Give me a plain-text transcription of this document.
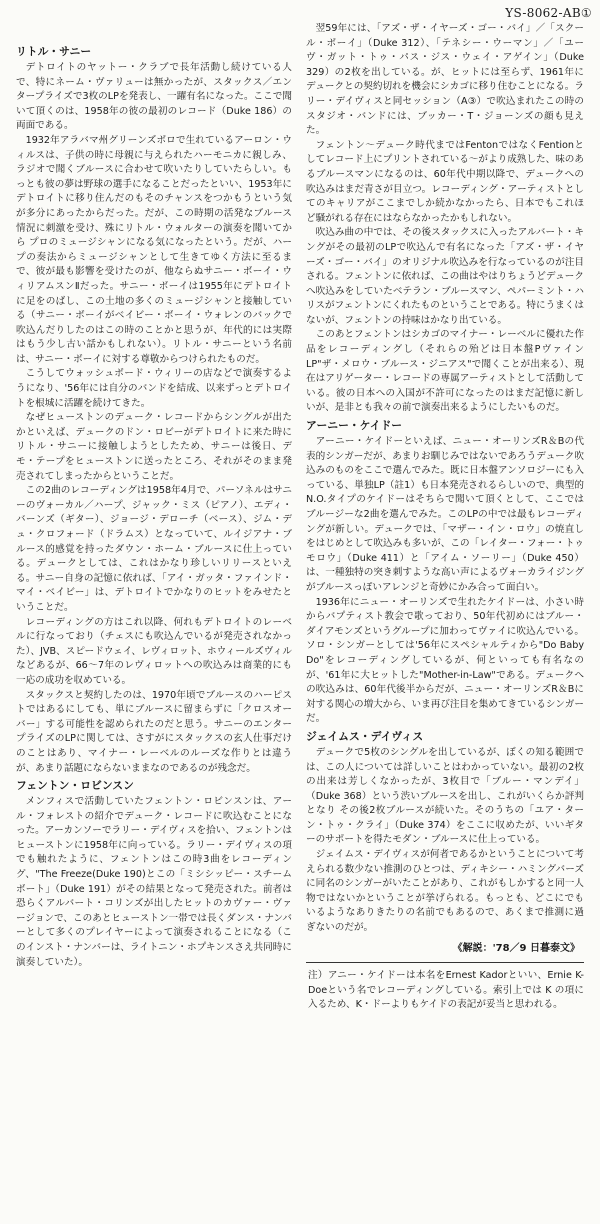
YS-8062-AB①
リトル・サニー

デトロイトのヤットー・クラブで長年活動し続けている人で、特にネーム・ヴァリューは無かったが、スタックス／エンタープライズで3枚のLPを発表し、一躍有名になった。ここで聞いて頂くのは、1958年の彼の最初のレコード（Duke 186）の両面である。

1932年アラバマ州グリーンズボロで生れているアーロン・ウィルスは、子供の時に母親に与えられたハーモニカに親しみ、ラジオで聞くブルースに合わせて吹いたりしていたらしい。もっとも彼の夢は野球の選手になることだったといい、1953年にデトロイトに移り住んだのもそのチャンスをつかもうという気が多分にあったからだった。だが、この時期の活発なブルース情況に刺激を受け、殊にリトル・ウォルターの演奏を聞いてから プロのミュージシャンになる気になったという。だが、ハープの奏法からミュージシャンとして生きてゆく方法に至るまで、彼が最も影響を受けたのが、他ならぬサニー・ボーイ・ウィリアムスンⅡだった。サニー・ボーイは1955年にデトロイトに足をのばし、この土地の多くのミュージシャンと接触している（サニー・ボーイがベイビー・ボーイ・ウォレンのバックで吹込んだりしたのはこの時のことかと思うが、年代的には実際はもう少し古い話かもしれない）。リトル・サニーという名前は、サニー・ボーイに対する尊敬からつけられたものだ。

こうしてウォッシュボード・ウィリーの店などで演奏するようになり、'56年には自分のバンドを結成、以来ずっとデトロイトを根城に活躍を続けてきた。

なぜヒューストンのデューク・レコードからシングルが出たかといえば、デュークのドン・ロビーがデトロイトに来た時にリトル・サニーに接触しようとしたため、サニーは後日、デモ・テープをヒューストンに送ったところ、それがそのまま発売されてしまったからということだ。

この2曲のレコーディングは1958年4月で、パーソネルはサニーのヴォーカル／ハープ、ジャック・ミス（ピアノ）、エディ・バーンズ（ギター）、ジョージ・デローチ（ベース）、ジム・デュ・クロフォード（ドラムス）となっていて、ルイジアナ・ブルース的感覚を持ったダウン・ホーム・ブルースに仕上っている。デュークとしては、これはかなり珍しいリリースといえる。サニー自身の記憶に依れば、「アイ・ガッタ・ファインド・マイ・ベイビー」は、デトロイトでかなりのヒットをみせたということだ。

レコーディングの方はこれ以降、何れもデトロイトのレーベルに行なっており（チェスにも吹込んでいるが発売されなかった）、JVB、スピードウェイ、レヴィロット、ホウィールズヴィルなどあるが、66～7年のレヴィロットへの吹込みは商業的にも一応の成功を収めている。

スタックスと契約したのは、1970年頃でブルースのハーピストではあるにしても、単にブルースに留まらずに「クロスオーバー」する可能性を認められたのだと思う。サニーのエンタープライズのLPに関しては、さすがにスタックスの玄人仕事だけのことはあり、マイナー・レーベルのルーズな作りとは違うが、あまり話題にならないままなのであるのが残念だ。

フェントン・ロビンスン

メンフィスで活動していたフェントン・ロビンスンは、アール・フォレストの紹介でデューク・レコードに吹込むことになった。アーカンソーでラリー・デイヴィスを拾い、フェントンはヒューストンに1958年に向っている。ラリー・デイヴィスの項でも触れたように、フェントンはこの時3曲をレコーディング、"The Freeze(Duke 190)とこの「ミシシッピー・スチームボート」（Duke 191）がその結果となって発売された。前者は恐らくアルバート・コリンズが出したヒットのカヴァー・ヴァージョンで、このあとヒューストン一帯では長くダンス・ナンバーとして多くのプレイヤーによって演奏されることになる（このインスト・ナンバーは、ライトニン・ホプキンスさえ共同時に演奏していた）。

翌59年には、「アズ・ザ・イヤーズ・ゴー・バイ」／「スクール・ボーイ」（Duke 312）、「テネシー・ウーマン」／「ユーヴ・ガット・トゥ・パス・ジス・ウェイ・アゲイン」（Duke 329）の2枚を出している。が、ヒットには至らず、1961年にデュークとの契約切れを機会にシカゴに移り住むことになる。ラリー・デイヴィスと同セッション（A③）で吹込まれたこの時のスタジオ・バンドには、ブッカー・T・ジョーンズの顔も見えた。

フェントン～デューク時代まではFentonではなくFentionとしてレコード上にプリントされている～がより成熟した、味のあるブルースマンになるのは、60年代中期以降で、デュークへの吹込みはまだ青さが目立つ。レコーディング・アーティストとしてのキャリアがここまでしか続かなかったら、日本でもこれほど騒がれる存在にはならなかったかもしれない。

吹込み曲の中では、その後スタックスに入ったアルバート・キングがその最初のLPで吹込んで有名になった「アズ・ザ・イヤーズ・ゴー・バイ」のオリジナル吹込みを行なっているのが注目される。フェントンに依れば、この曲はやはりちょうどデュークへ吹込みをしていたベテラン・ブルースマン、ペパーミント・ハリスがフェントンにくれたものということである。特にうまくはないが、フェントンの持味はかなり出ている。

このあとフェントンはシカゴのマイナー・レーベルに優れた作品をレコーディングし（それらの殆どは日本盤Pヴァイン LP"ザ・メロウ・ブルース・ジニアス"で聞くことが出来る）、現在はアリゲーター・レコードの専属アーティストとして活動している。彼の日本への入国が不許可になったのはまだ記憶に新しいが、是非とも我々の前で演奏出来るようにしたいものだ。

アーニー・ケイドー

アーニー・ケイドーといえば、ニュー・オーリンズR＆Bの代表的シンガーだが、あまりお馴じみではないであろうデューク吹込みのものをここで選んでみた。既に日本盤アンソロジーにも入っている、単独LP（註1）も日本発売されるらしいので、典型的N.O.タイプのケイドーはそちらで聞いて頂くとして、ここではブルージーな2曲を選んでみた。このLPの中では最もレコーディングが新しい。デュークでは、「マザー・イン・ロウ」の焼直しをはじめとして吹込みも多いが、この「レイター・フォー・トゥモロウ」（Duke 411）と「アイム・ソーリー」（Duke 450）は、一種独特の突き刺すような高い声によるヴォーカライジングがブルースっぽいアレンジと奇妙にかみ合って面白い。

1936年にニュー・オーリンズで生れたケイドーは、小さい時からバプティスト教会で歌っており、50年代初めにはブルー・ダイアモンズというグループに加わってヴァイに吹込んでいる。ソロ・シンガーとしては'56年にスペシャルティから"Do Baby Do"をレコーディングしているが、何といっても有名なのが、'61年に大ヒットした"Mother-in-Law"である。デュークへの吹込みは、60年代後半からだが、ニュー・オーリンズR＆Bに対する関心の増大から、いま再び注目を集めてきているシンガーだ。

ジェイムス・デイヴィス

デュークで5枚のシングルを出しているが、ぼくの知る範囲では、この人については詳しいことはわかっていない。最初の2枚の出来は芳しくなかったが、3枚目で「ブルー・マンデイ」（Duke 368）という渋いブルースを出し、これがいくらか評判となり その後2枚ブルースが続いた。そのうちの「ユア・ターン・トゥ・クライ」（Duke 374）をここに収めたが、いいギターのサポートを得たモダン・ブルースに仕上っている。

ジェイムス・デイヴィスが何者であるかということについて考えられる数少ない推測のひとつは、ディキシー・ハミングバーズに同名のシンガーがいたことがあり、これがもしかすると同一人物ではないかということが挙げられる。もっとも、どこにでもいるようなありきたりの名前でもあるので、あくまで推測に過ぎないのだが。

《解説：'78／9 日暮泰文》

注）アニー・ケイドーは本名をErnest Kadorといい、Ernie K-Doeという名でレコーディングしている。索引上では K の項に入るため、K・ドーよりもケイドの表記が妥当と思われる。
